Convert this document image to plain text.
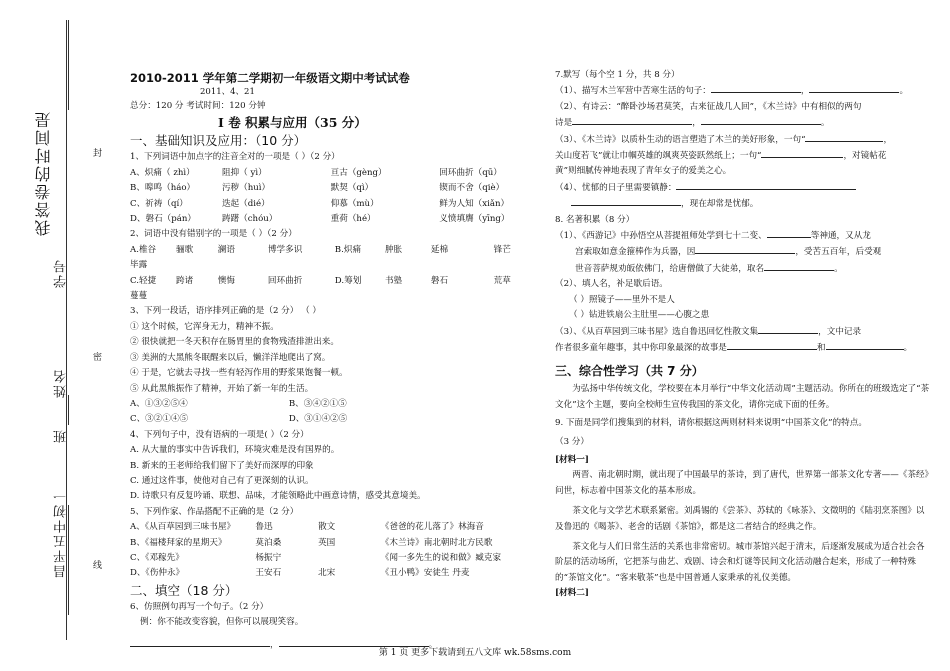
昌平五中初一
班
姓名
学号
我答卷的时间是	封
密
线
2010-2011 学年第二学期初一年级语文期中考试试卷
2011、4、21
总分：120 分 考试时间：120 分钟
Ⅰ 卷 积累与应用（35 分）
一、基础知识及应用：（10 分）
1、下列词语中加点字的注音全对的一项是（ ）（2 分）
A、炽痛（ zhì）	阻抑（ yì）	亘古（gèng）	回环曲折（qū）
B、嗥鸣（háo）	污秽（huì）	默契（qì）	锲而不舍（qiè）
C、祈祷（qí）	迭起（dié）	仰慕（mù）	鲜为人知（xiǎn）
D、磐石（pán）	踌躇（chóu）	重荷（hé）	义愤填膺（yīng）
2、词语中没有错别字的一项是（ ）（2 分）
A.椎谷	骊歌	澜语	博学多识	B.炽痛	肿胀	延棉	锋芒
毕露
C.轻捷	跨诸	懊悔	回环曲折	D.筹划	书塾	磐石	荒草
蔓蔓
3、下列一段话，语序排列正确的是（2 分） （ ）
① 这个时候，它浑身无力，精神不振。
② 很快就把一冬天积存在肠胃里的食物残渣排泄出来。
③ 美洲的大黑熊冬眠醒来以后，懒洋洋地爬出了窝。
④ 于是，它就去寻找一些有轻泻作用的野浆果饱餐一顿。
⑤ 从此黑熊振作了精神，开始了新一年的生活。
A、①③②⑤④	B、③④②①⑤
C、③②①④⑤	D、③①④②⑤
4、下列句子中，没有语病的一项是( ）（2 分）
A. 从大量的事实中告诉我们，环境灾难是没有国界的。
B. 新来的王老师给我们留下了美好而深厚的印象
C. 通过这件事，使他对自己有了更深刻的认识。
D. 诗歌只有反复吟诵、联想、品味，才能领略此中画意诗情，感受其意境美。
5、下列作家、作品搭配不正确的是（2 分）
A、《从百草园到三味书屋》	鲁迅	散文	《爸爸的花儿落了》林海音
B、《福楼拜家的星期天》	莫泊桑	英国	《木兰诗》南北朝时北方民歌
C、《邓稼先》	杨振宁	《闻一多先生的说和做》臧克家
D、《伤仲永》	王安石	北宋	《丑小鸭》安徒生 丹麦
二、填空（18 分）
6、仿照例句再写一个句子。（2 分）
例：你不能改变容貌，但你可以展现笑容。
，	。
7.默写（每个空 1 分，共 8 分）
（1）、描写木兰军营中苦寒生活的句子：	，	。
（2）、有诗云：“醉卧沙场君莫笑，古来征战几人回”，《木兰诗》中有相似的两句
诗是	，	。
（3）、《木兰诗》以质朴生动的语言塑造了木兰的美好形象，一句“	，
关山度若飞”就让巾帼英雄的飒爽英姿跃然纸上；一句“	，对镜帖花
黄”则细腻传神地表现了青年女子的爱美之心。
（4）、忧郁的日子里需要镇静：
，现在却常是忧郁。
8. 名著积累（8 分）
（1）、《西游记》中孙悟空从菩提祖师处学到七十二变、	等神通，又从龙
宫索取如意金箍棒作为兵器，因	，受苦五百年，后受观
世音菩萨规劝皈依佛门，给唐僧做了大徒弟，取名	。
（2）、填人名，补足歇后语。
（ ）照镜子——里外不是人
（ ）钻进铁扇公主肚里——心腹之患
（3）、《从百草园到三味书屋》选自鲁迅回忆性散文集	，文中记录
作者很多童年趣事，其中你印象最深的故事是	和	。
三、综合性学习（共 7 分）
为弘扬中华传统文化，学校要在本月举行“中华文化活动周”主题活动。你所在的班级选定了“茶文化”这个主题，要向全校师生宣传我国的茶文化，请你完成下面的任务。
9. 下面是同学们搜集到的材料，请你根据这两则材料来说明“中国茶文化”的特点。
（3 分）
[材料一]
两晋、南北朝时期，就出现了中国最早的茶诗，到了唐代，世界第一部茶文化专著——《茶经》问世，标志着中国茶文化的基本形成。
茶文化与文学艺术联系紧密。刘禹锡的《尝茶》、苏轼的《咏茶》、文徵明的《陆羽烹茶图》以及鲁迅的《喝茶》、老舍的话剧《茶馆》，都是这二者结合的经典之作。
茶文化与人们日常生活的关系也非常密切。城市茶馆兴起于清末，后逐渐发展成为适合社会各阶层的活动场所，它把茶与曲艺、戏剧、诗会和灯谜等民间文化活动融合起来，形成了一种特殊的“茶馆文化”。“客来敬茶”也是中国普通人家秉承的礼仪美德。
[材料二]
第 1 页 更多下载请到五八文库 wk.58sms.com
